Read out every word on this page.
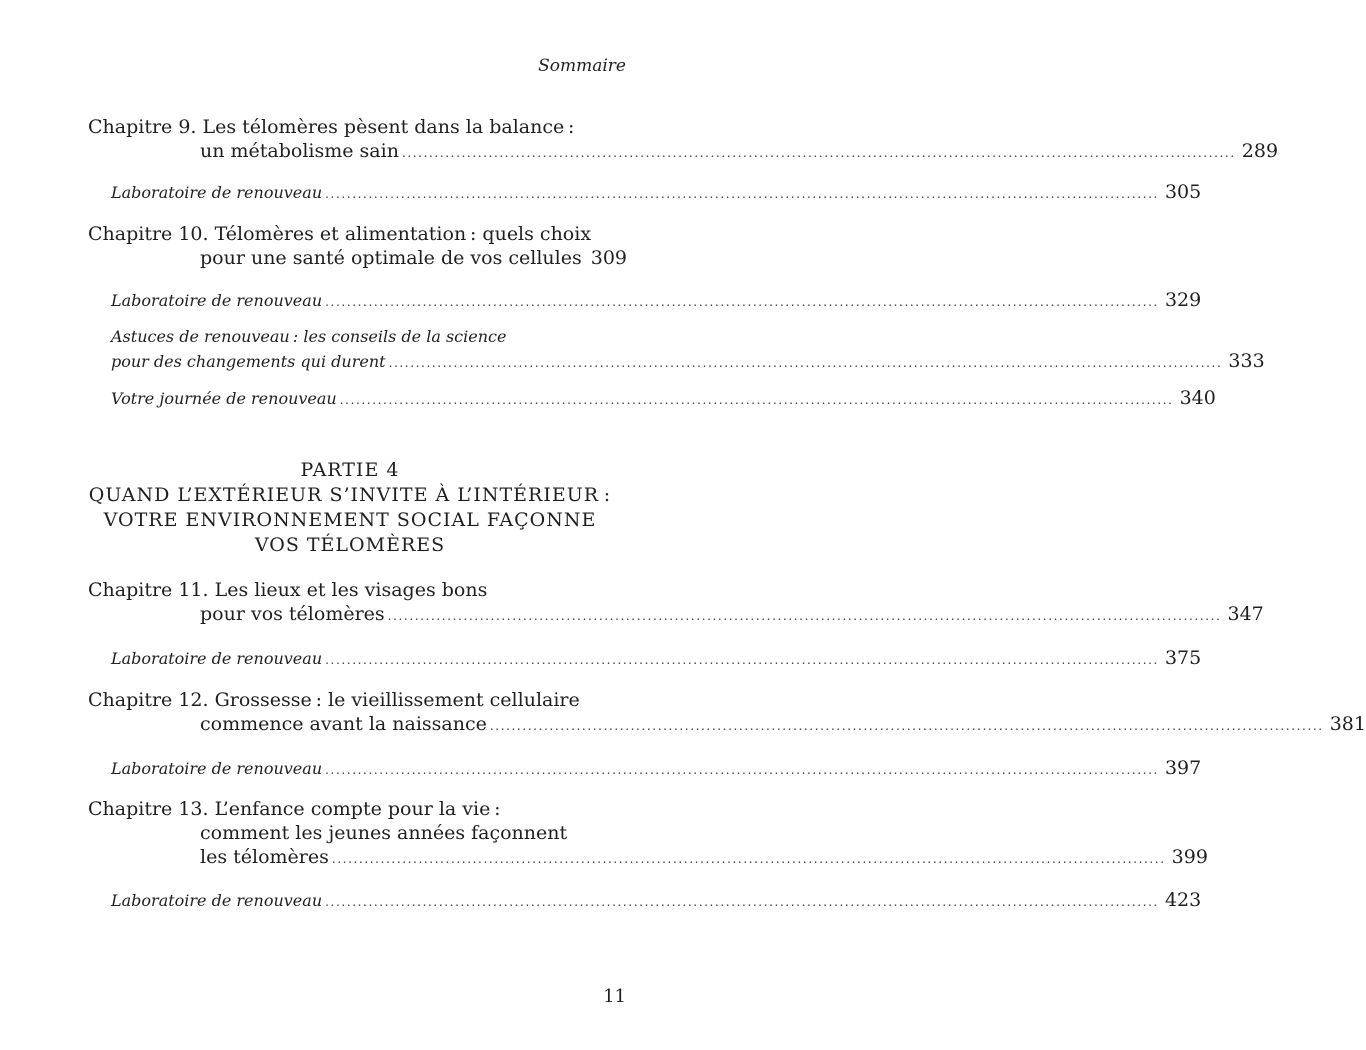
Sommaire
Chapitre 9. Les télomères pèsent dans la balance :
un métabolisme sain .......................................................................................................................................................... 289
Laboratoire de renouveau .......................................................................................................................................................... 305
Chapitre 10. Télomères et alimentation : quels choix
pour une santé optimale de vos cellules 309
Laboratoire de renouveau .......................................................................................................................................................... 329
Astuces de renouveau : les conseils de la science
pour des changements qui durent .......................................................................................................................................................... 333
Votre journée de renouveau .......................................................................................................................................................... 340
PARTIE 4
QUAND L’EXTÉRIEUR S’INVITE À L’INTÉRIEUR :
VOTRE ENVIRONNEMENT SOCIAL FAÇONNE
VOS TÉLOMÈRES
Chapitre 11. Les lieux et les visages bons
pour vos télomères .......................................................................................................................................................... 347
Laboratoire de renouveau .......................................................................................................................................................... 375
Chapitre 12. Grossesse : le vieillissement cellulaire
commence avant la naissance .......................................................................................................................................................... 381
Laboratoire de renouveau .......................................................................................................................................................... 397
Chapitre 13. L’enfance compte pour la vie :
comment les jeunes années façonnent
les télomères .......................................................................................................................................................... 399
Laboratoire de renouveau .......................................................................................................................................................... 423
11
